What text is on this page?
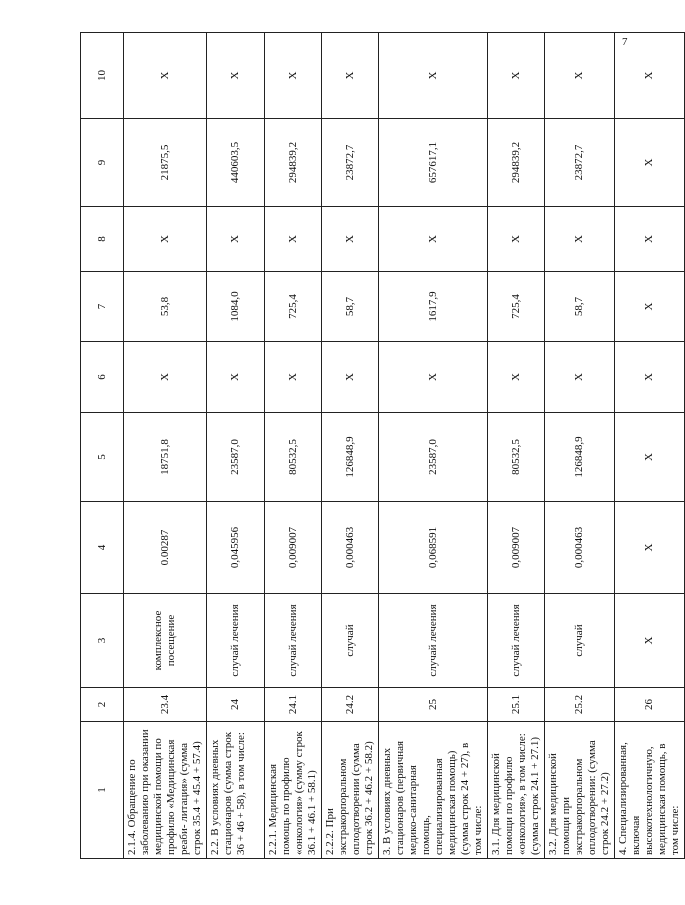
7
1	2	3	4	5	6	7	8	9	10
2.1.4. Обращение по заболеванию при оказании медицинской помощи по профилю «Медицинская реаби- литация» (сумма строк 35.4 + 45.4 + 57.4)	23.4	комплексное посещение	0.00287	18751,8	X	53,8	X	21875,5	X
2.2. В условиях дневных стационаров (сумма строк 36 + 46 + 58), в том числе:	24	случай лечения	0,045956	23587,0	X	1084,0	X	440603,5	X
2.2.1. Медицинская помощь по профилю «онкология» (сумму строк 36.1 + 46.1 + 58.1)	24.1	случай лечения	0,009007	80532,5	X	725,4	X	294839,2	X
2.2.2. При экстракорпоральном оплодотворении (сумма строк 36.2 + 46.2 + 58.2)	24.2	случай	0,000463	126848,9	X	58,7	X	23872,7	X
3. В условиях дневных стационаров (первичная медико-санитарная помощь, специализированная медицинская помощь) (сумма строк 24 + 27), в том числе:	25	случай лечения	0,068591	23587,0	X	1617,9	X	657617,1	X
3.1. Для медицинской помощи по профилю «онкология», в том числе: (сумма строк 24.1 + 27.1)	25.1	случай лечения	0,009007	80532,5	X	725,4	X	294839,2	X
3.2. Для медицинской помощи при экстракорпоральном оплодотворении: (сумма строк 24.2 + 27.2)	25.2	случай	0,000463	126848,9	X	58,7	X	23872,7	X
4. Специализированная, включая высокотехнологичную, медицинская помощь, в том числе:	26	X	X	X	X	X	X	X	X
